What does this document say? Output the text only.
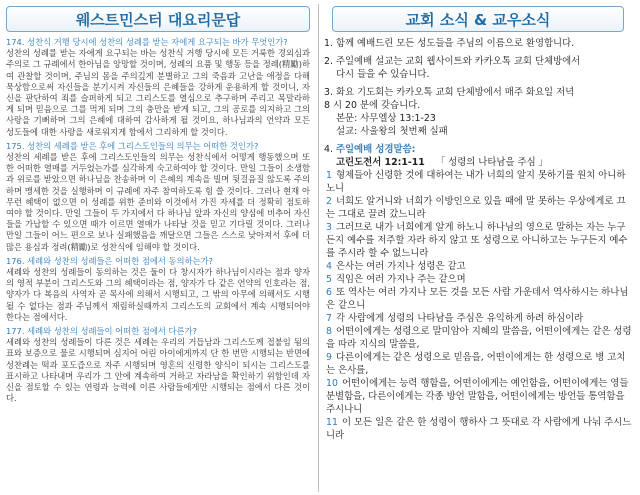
웨스트민스터 대요리문답
174. 성찬식 거행 당시에 성찬의 성례를 받는 자에게 요구되는 바가 무엇인가?
성찬의 성례를 받는 자에게 요구되는 바는 성찬식 거행 당시에 모든 거룩한 경외심과 주의로 그 규례에서 한아님을 앙망할 것이며, 성례의 요품 및 행동 등을 정례(精勵)하여 관찰할 것이며, 주님의 몸을 주의깊게 분별하고 그의 죽음과 고난을 애정을 다해 묵상함으로써 자신들을 분기시켜 자신들의 은혜들을 강하게 운용하게 할 것이니, 자신을 판단하여 죄를 슬퍼하게 되고 그리스도를 열심으로 추구하며 주리고 목말라하게 되며 믿음으로 그를 먹게 되며 그의 충만을 받게 되고, 그의 공로를 의지하고 그의 사랑을 기뻐하며 그의 은혜에 대하여 감사하게 될 것이요, 하나님과의 언약과 모든 성도들에 대한 사랑을 새로워지게 함에서 그리하게 할 것이다.
175. 성찬의 세례를 받은 후에 그리스도인들의 의무는 어떠한 것인가?
성찬의 세례를 받은 후에 그리스도인들의 의무는 성찬식에서 어떻게 행동했으며 또한 어떠한 열매를 거두었는가를 심각하게 숙고하여야 할 것이다. 만일 그들이 소생함과 위로를 받았으면 하나님을 찬송하며 이 은혜의 계속을 빌며 뒷걸음질 않도록 주의하며 맹세한 것을 실행하며 이 규례에 자주 참여하도록 힘 쓸 것이다. 그러나 현재 아무런 혜택이 없으면 이 성례를 위한 준비와 이것에서 가진 자세를 더 정확히 점토하여야 할 것이다. 만일 그들이 두 가지에서 다 하나님 앞과 자신의 양심에 비추어 자신들을 가납할 수 있으면 때가 이르면 열매가 나타날 것을 믿고 기다릴 것이다. 그러나 만일 그들이 어느 편으로 보나 실패했음을 깨달으면 그들은 스스로 낮아져서 후에 더 많은 용심과 정려(精勵)로 성찬식에 임해야 할 것이다.
176. 세례와 성찬의 성례들은 어떠한 점에서 동의하는가?
세례와 성찬의 성례들이 동의하는 것은 둘이 다 창시자가 하나님이시라는 점과 양자의 영적 부분이 그리스도와 그의 혜택이라는 점, 양자가 다 같은 언약의 인호라는 점, 양자가 다 복음의 사역자 곧 목사에 의해서 시행되고, 그 밖의 아무에 의해서도 시행될 수 없다는 점과 주님께서 재림하실때까지 그리스도의 교회에서 계속 시행되어야 한다는 점에서다.
177. 세례와 성찬의 성례들이 어떠한 점에서 다른가?
세례와 성찬의 성례들이 다른 것은 세례는 우리의 거듭남과 그리스도께 접붙임 됨의 표와 보증으로 물로 시행되며 심지어 어린 아이에게까지 단 한 번만 시행되는 반면에 성찬례는 떡과 포도즙으로 자주 시행되며 영혼의 신령한 양식이 되시는 그리스도를 표시하고 나타내며 우리가 그 안에 계속하여 거하고 자라남을 확인하기 위함인데 자신을 점토할 수 있는 연령과 능력에 이른 사람들에게만 시행되는 점에서 다른 것이다.
교회 소식 & 교우소식
1. 함께 예배드린 모든 성도들을 주님의 이름으로 환영합니다.
2. 주일예배 설교는 교회 웹사이트와 카카오톡 교회 단체방에서
다시 들을 수 있습니다.
3. 화요 기도회는 카카오톡 교회 단체방에서 매주 화요일 저녁
8 시 20 분에 갖습니다.
본문: 사무엘상 13:1-23
설교: 사울왕의 첫번째 실패
4. 주일예배 성경말씀:
고린도전서 12:1-11 「 성령의 나타남을 주심 」
1 형제들아 신령한 것에 대하여는 내가 너희의 알지 못하기를 원치 아니하노니
2 너희도 알거니와 너희가 이방인으로 있을 때에 말 못하는 우상에게로 끄는 그대로 끌려 갔느니라
3 그러므로 내가 너희에게 알게 하노니 하나님의 영으로 말하는 자는 누구든지 예수를 저주할 자라 하지 않고 또 성령으로 아니하고는 누구든지 예수를 주시라 할 수 없느니라
4 은사는 여러 가지나 성령은 같고
5 직임은 여러 가지나 주는 같으며
6 또 역사는 여러 가지나 모든 것을 모든 사람 가운데서 역사하시는 하나님은 같으니
7 각 사람에게 성령의 나타남을 주심은 유익하게 하려 하심이라
8 어떤이에게는 성령으로 말미암아 지혜의 말씀을, 어떤이에게는 같은 성령을 따라 지식의 말씀을,
9 다른이에게는 같은 성령으로 믿음을, 어떤이에게는 한 성령으로 병 고치는 은사를,
10 어떤이에게는 능력 행함을, 어떤이에게는 예언함을, 어떤이에게는 영들 분별함을, 다른이에게는 각종 방언 말함을, 어떤이에게는 방언들 통역함을 주시나니
11 이 모든 일은 같은 한 성령이 행하사 그 뜻대로 각 사람에게 나눠 주시느니라
